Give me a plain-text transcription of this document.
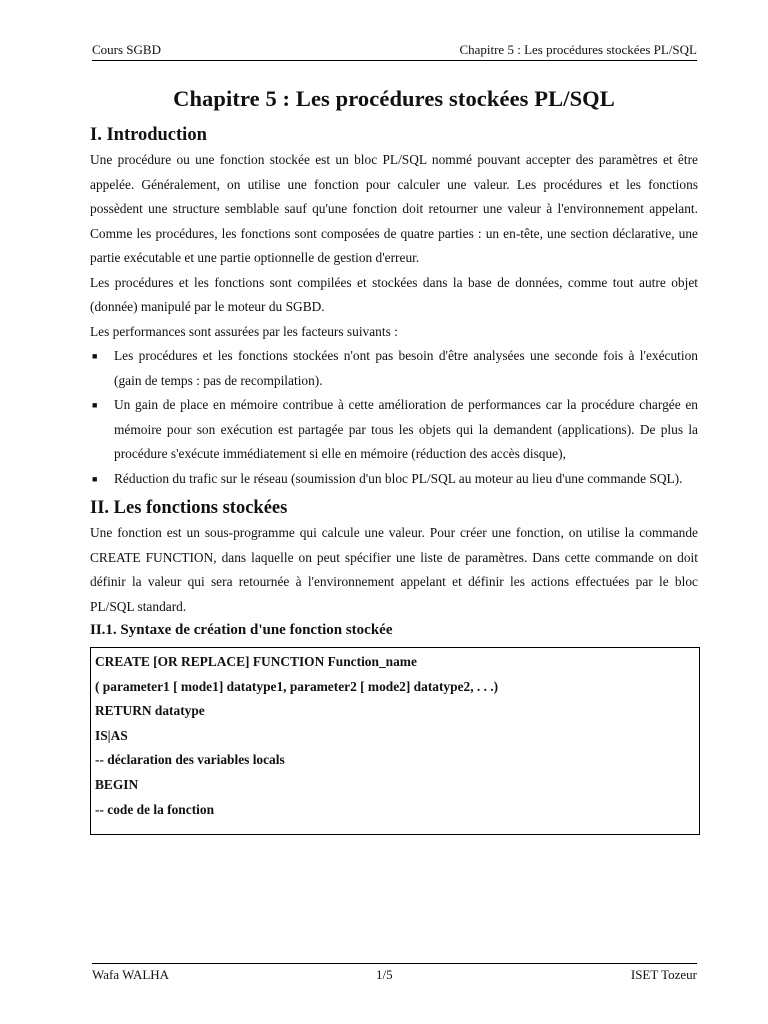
Cours SGBD	Chapitre 5 : Les procédures stockées PL/SQL
Chapitre 5 : Les procédures stockées PL/SQL
I. Introduction

Une procédure ou une fonction stockée est un bloc PL/SQL nommé pouvant accepter des paramètres et être appelée. Généralement, on utilise une fonction pour calculer une valeur. Les procédures et les fonctions possèdent une structure semblable sauf qu'une fonction doit retourner une valeur à l'environnement appelant. Comme les procédures, les fonctions sont composées de quatre parties : un en-tête, une section déclarative, une partie exécutable et une partie optionnelle de gestion d'erreur.

Les procédures et les fonctions sont compilées et stockées dans la base de données, comme tout autre objet (donnée) manipulé par le moteur du SGBD.

Les performances sont assurées par les facteurs suivants :

■ Les procédures et les fonctions stockées n'ont pas besoin d'être analysées une seconde fois à l'exécution (gain de temps : pas de recompilation).
■ Un gain de place en mémoire contribue à cette amélioration de performances car la procédure chargée en mémoire pour son exécution est partagée par tous les objets qui la demandent (applications). De plus la procédure s'exécute immédiatement si elle en mémoire (réduction des accès disque),
■ Réduction du trafic sur le réseau (soumission d'un bloc PL/SQL au moteur au lieu d'une commande SQL).
II. Les fonctions stockées

Une fonction est un sous-programme qui calcule une valeur. Pour créer une fonction, on utilise la commande CREATE FUNCTION, dans laquelle on peut spécifier une liste de paramètres. Dans cette commande on doit définir la valeur qui sera retournée à l'environnement appelant et définir les actions effectuées par le bloc PL/SQL standard.

II.1. Syntaxe de création d'une fonction stockée
CREATE [OR REPLACE] FUNCTION Function_name
( parameter1 [ mode1] datatype1, parameter2 [ mode2] datatype2, . . .)
RETURN datatype
IS|AS
-- déclaration des variables locals
BEGIN
-- code de la fonction
Wafa WALHA	1/5	ISET Tozeur
